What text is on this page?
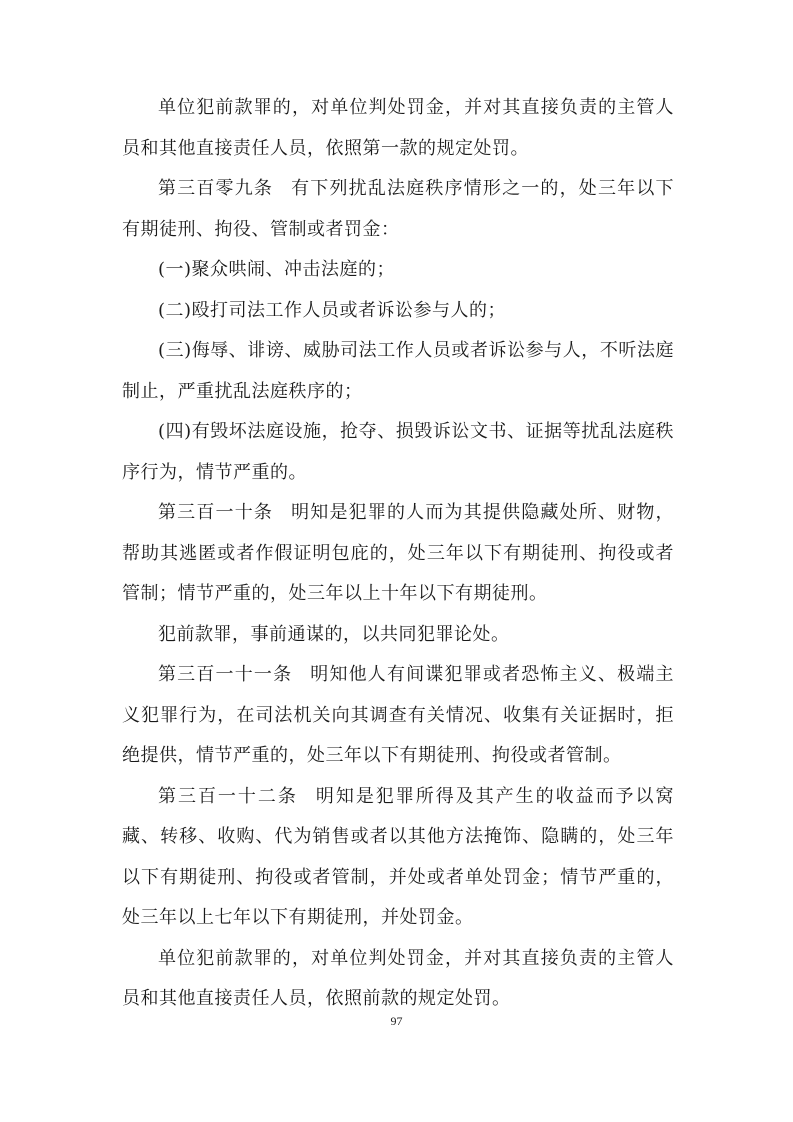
单位犯前款罪的，对单位判处罚金，并对其直接负责的主管人员和其他直接责任人员，依照第一款的规定处罚。

第三百零九条 有下列扰乱法庭秩序情形之一的，处三年以下有期徒刑、拘役、管制或者罚金：

(一)聚众哄闹、冲击法庭的；

(二)殴打司法工作人员或者诉讼参与人的；

(三)侮辱、诽谤、威胁司法工作人员或者诉讼参与人，不听法庭制止，严重扰乱法庭秩序的；

(四)有毁坏法庭设施，抢夺、损毁诉讼文书、证据等扰乱法庭秩序行为，情节严重的。

第三百一十条 明知是犯罪的人而为其提供隐藏处所、财物，帮助其逃匿或者作假证明包庇的，处三年以下有期徒刑、拘役或者管制；情节严重的，处三年以上十年以下有期徒刑。

犯前款罪，事前通谋的，以共同犯罪论处。

第三百一十一条 明知他人有间谍犯罪或者恐怖主义、极端主义犯罪行为，在司法机关向其调查有关情况、收集有关证据时，拒绝提供，情节严重的，处三年以下有期徒刑、拘役或者管制。

第三百一十二条 明知是犯罪所得及其产生的收益而予以窝藏、转移、收购、代为销售或者以其他方法掩饰、隐瞒的，处三年以下有期徒刑、拘役或者管制，并处或者单处罚金；情节严重的，处三年以上七年以下有期徒刑，并处罚金。

单位犯前款罪的，对单位判处罚金，并对其直接负责的主管人员和其他直接责任人员，依照前款的规定处罚。

97
